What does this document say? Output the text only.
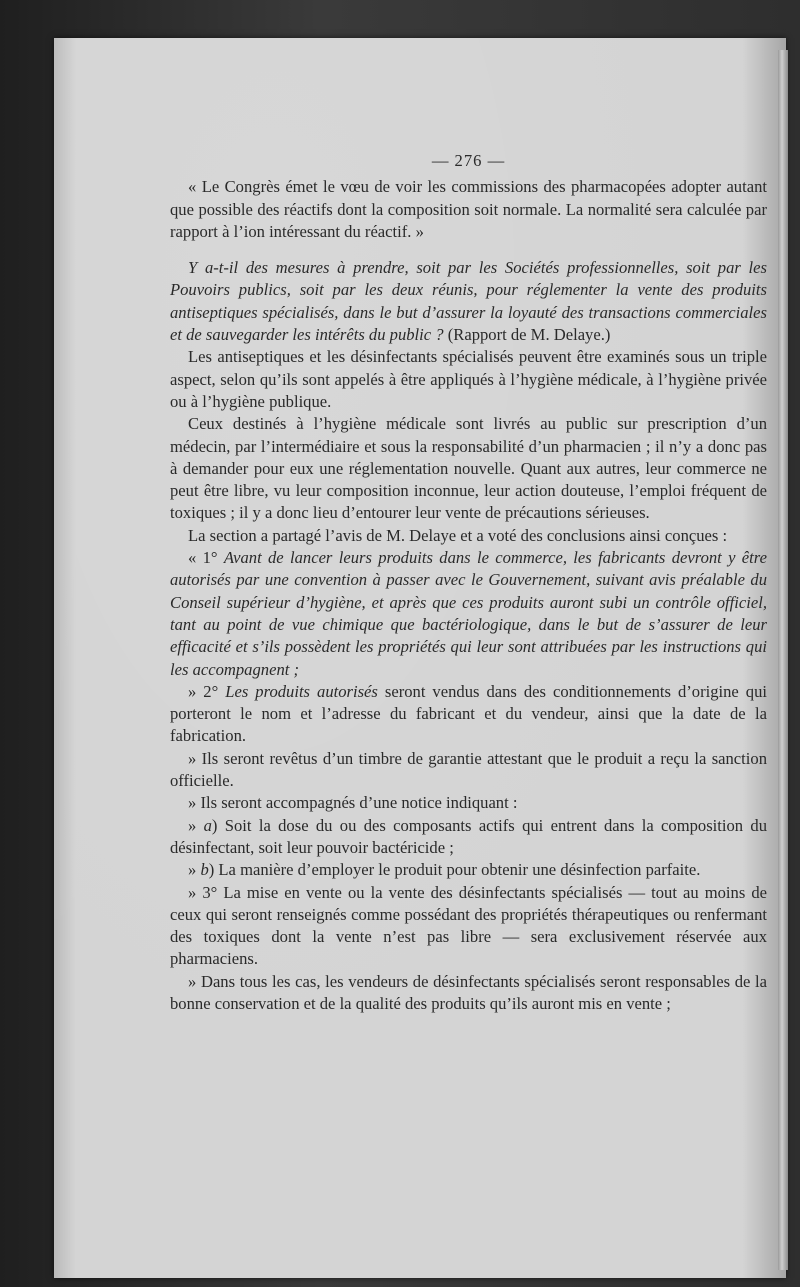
— 276 —

« Le Congrès émet le vœu de voir les commissions des pharmacopées adopter autant que possible des réactifs dont la composition soit normale. La normalité sera calculée par rapport à l’ion intéressant du réactif. »

Y a-t-il des mesures à prendre, soit par les Sociétés professionnelles, soit par les Pouvoirs publics, soit par les deux réunis, pour réglementer la vente des produits antiseptiques spécialisés, dans le but d’assurer la loyauté des transactions commerciales et de sauvegarder les intérêts du public ? (Rapport de M. Delaye.)

Les antiseptiques et les désinfectants spécialisés peuvent être examinés sous un triple aspect, selon qu’ils sont appelés à être appliqués à l’hygiène médicale, à l’hygiène privée ou à l’hygiène publique.

Ceux destinés à l’hygiène médicale sont livrés au public sur prescription d’un médecin, par l’intermédiaire et sous la responsabilité d’un pharmacien ; il n’y a donc pas à demander pour eux une réglementation nouvelle. Quant aux autres, leur commerce ne peut être libre, vu leur composition inconnue, leur action douteuse, l’emploi fréquent de toxiques ; il y a donc lieu d’entourer leur vente de précautions sérieuses.

La section a partagé l’avis de M. Delaye et a voté des conclusions ainsi conçues :

« 1° Avant de lancer leurs produits dans le commerce, les fabricants devront y être autorisés par une convention à passer avec le Gouvernement, suivant avis préalable du Conseil supérieur d’hygiène, et après que ces produits auront subi un contrôle officiel, tant au point de vue chimique que bactériologique, dans le but de s’assurer de leur efficacité et s’ils possèdent les propriétés qui leur sont attribuées par les instructions qui les accompagnent ;

» 2° Les produits autorisés seront vendus dans des conditionnements d’origine qui porteront le nom et l’adresse du fabricant et du vendeur, ainsi que la date de la fabrication.

» Ils seront revêtus d’un timbre de garantie attestant que le produit a reçu la sanction officielle.

» Ils seront accompagnés d’une notice indiquant :

» a) Soit la dose du ou des composants actifs qui entrent dans la composition du désinfectant, soit leur pouvoir bactéricide ;

» b) La manière d’employer le produit pour obtenir une désinfection parfaite.

» 3° La mise en vente ou la vente des désinfectants spécialisés — tout au moins de ceux qui seront renseignés comme possédant des propriétés thérapeutiques ou renfermant des toxiques dont la vente n’est pas libre — sera exclusivement réservée aux pharmaciens.

» Dans tous les cas, les vendeurs de désinfectants spécialisés seront responsables de la bonne conservation et de la qualité des produits qu’ils auront mis en vente ;
